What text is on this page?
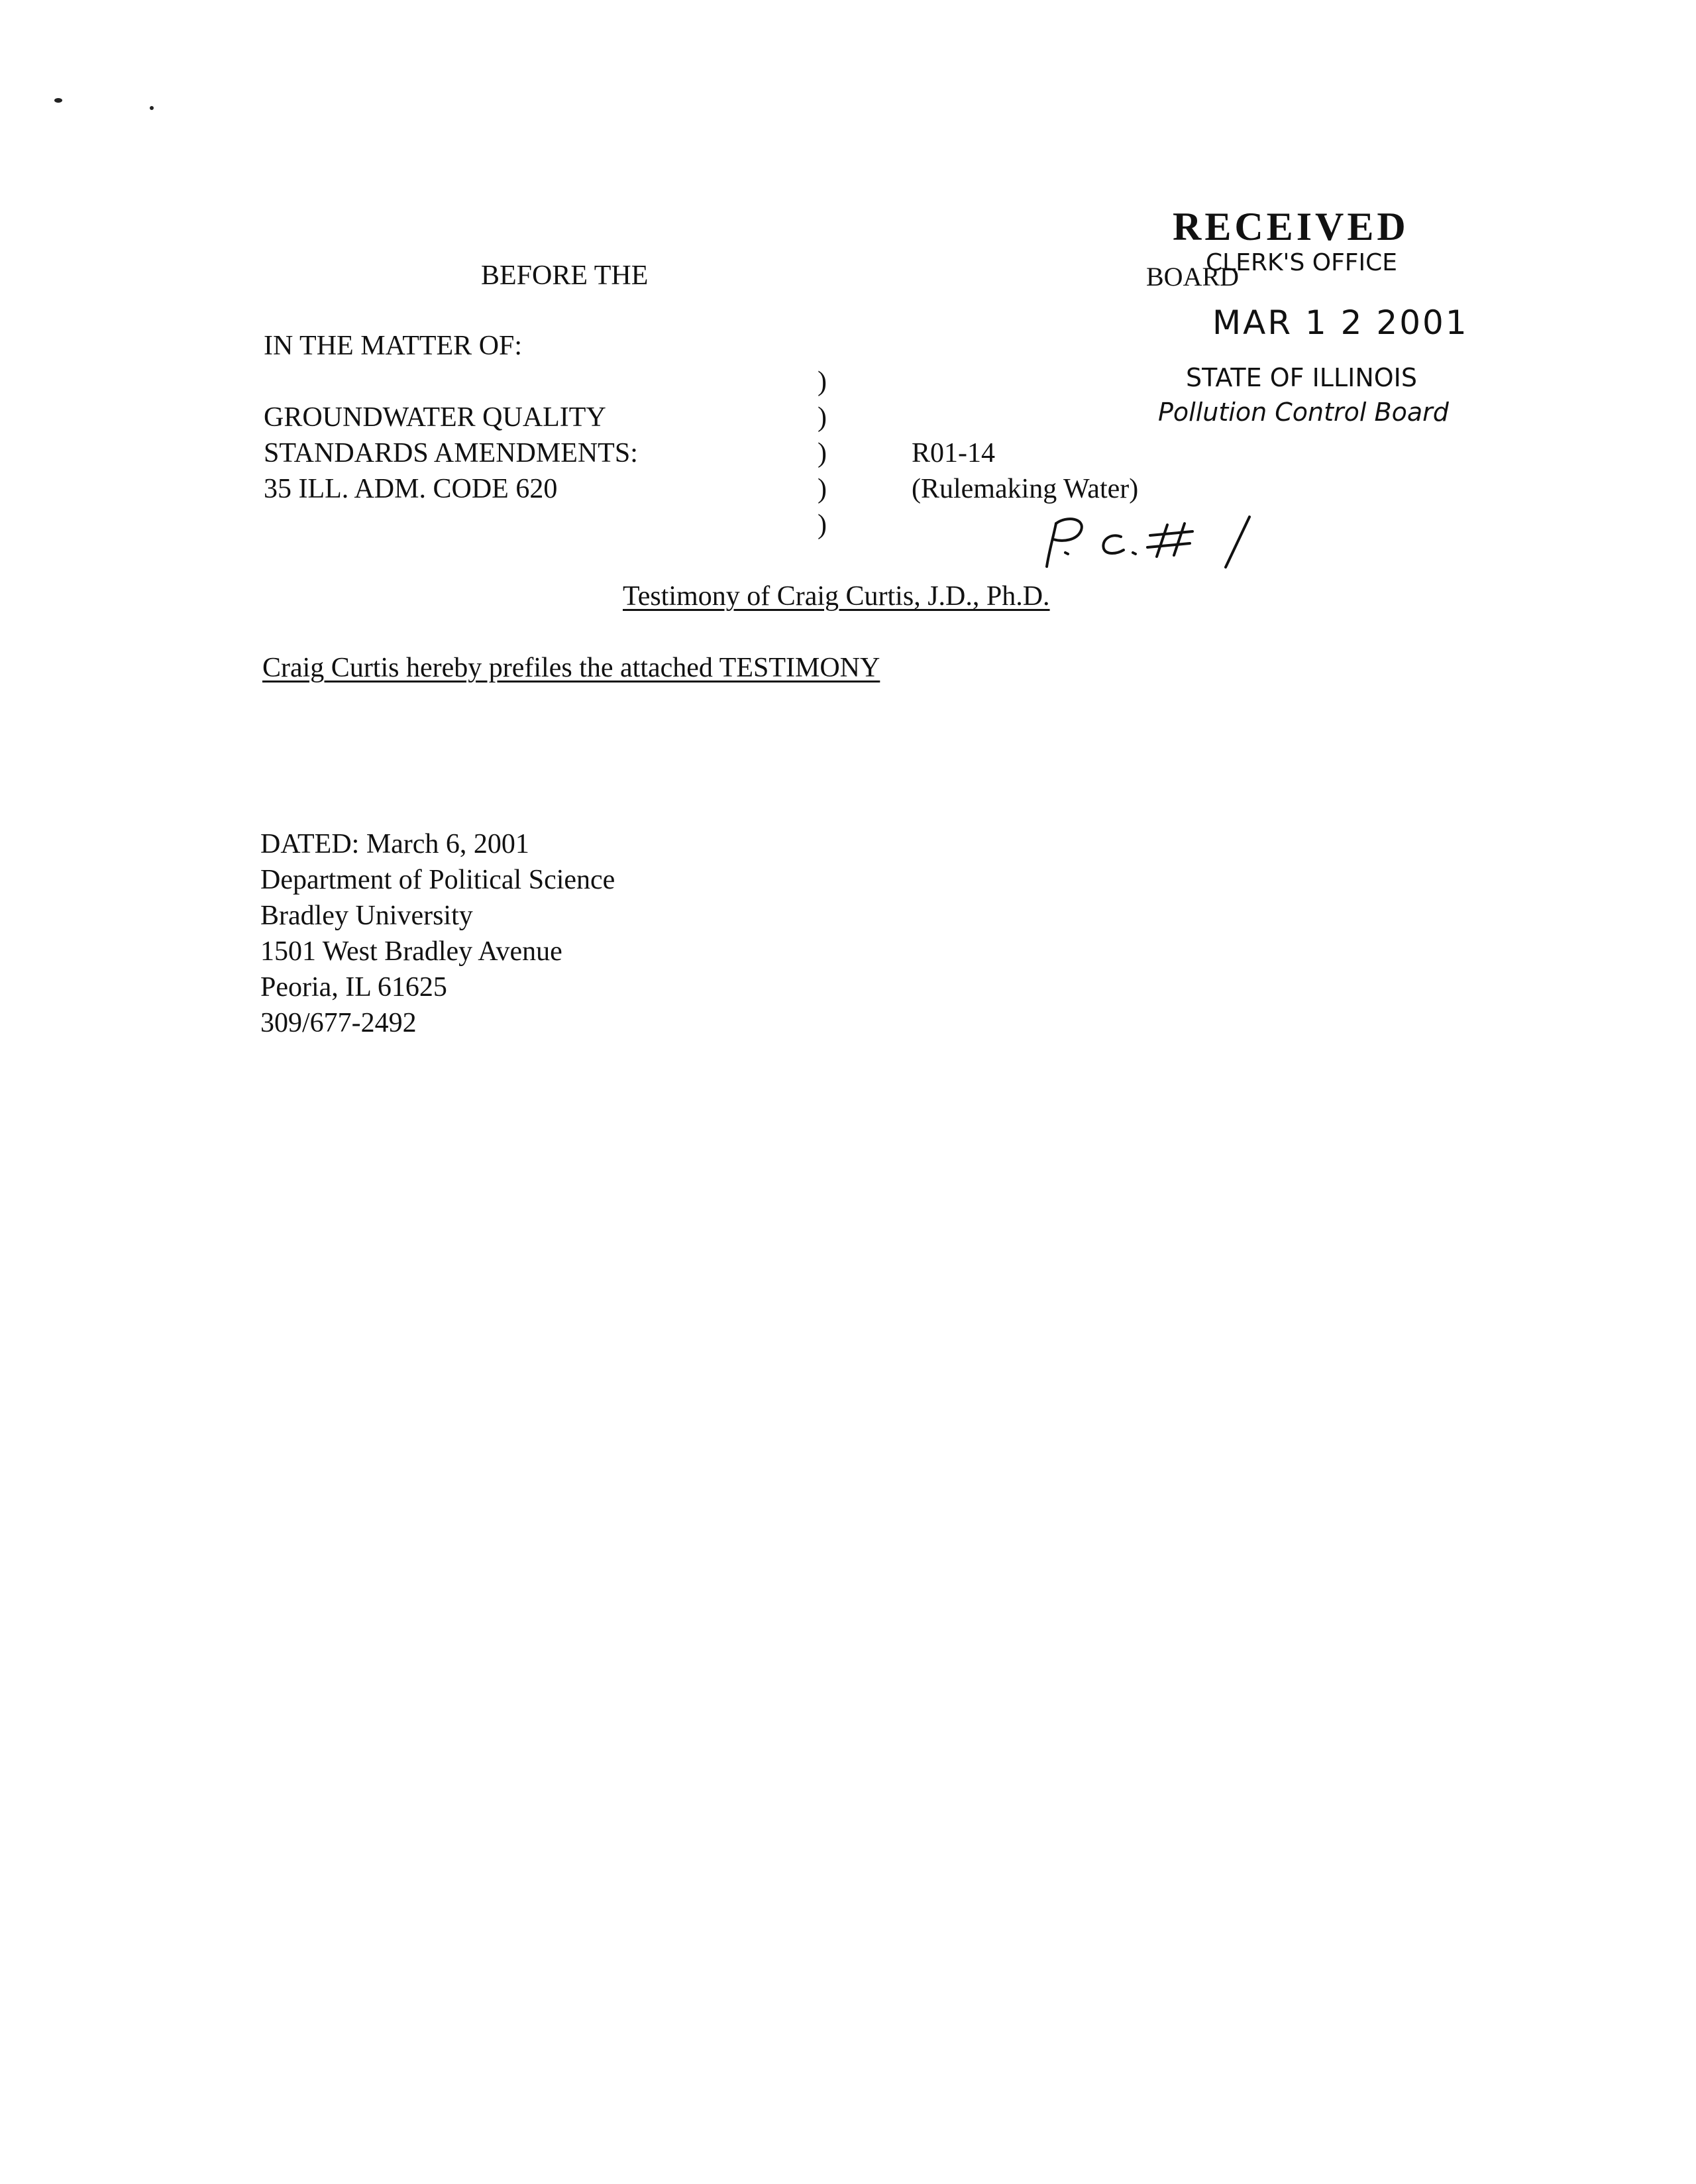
BEFORE THE
RECEIVED
BOARD
CLERK'S OFFICE
MAR 1 2 2001
STATE OF ILLINOIS
Pollution Control Board
IN THE MATTER OF:
GROUNDWATER QUALITY
STANDARDS AMENDMENTS:
35 ILL. ADM. CODE 620
)
)
)
)
)
R01-14
(Rulemaking Water)
Testimony of Craig Curtis, J.D., Ph.D.
Craig Curtis hereby prefiles the attached TESTIMONY
DATED: March 6, 2001
Department of Political Science
Bradley University
1501 West Bradley Avenue
Peoria, IL 61625
309/677-2492
